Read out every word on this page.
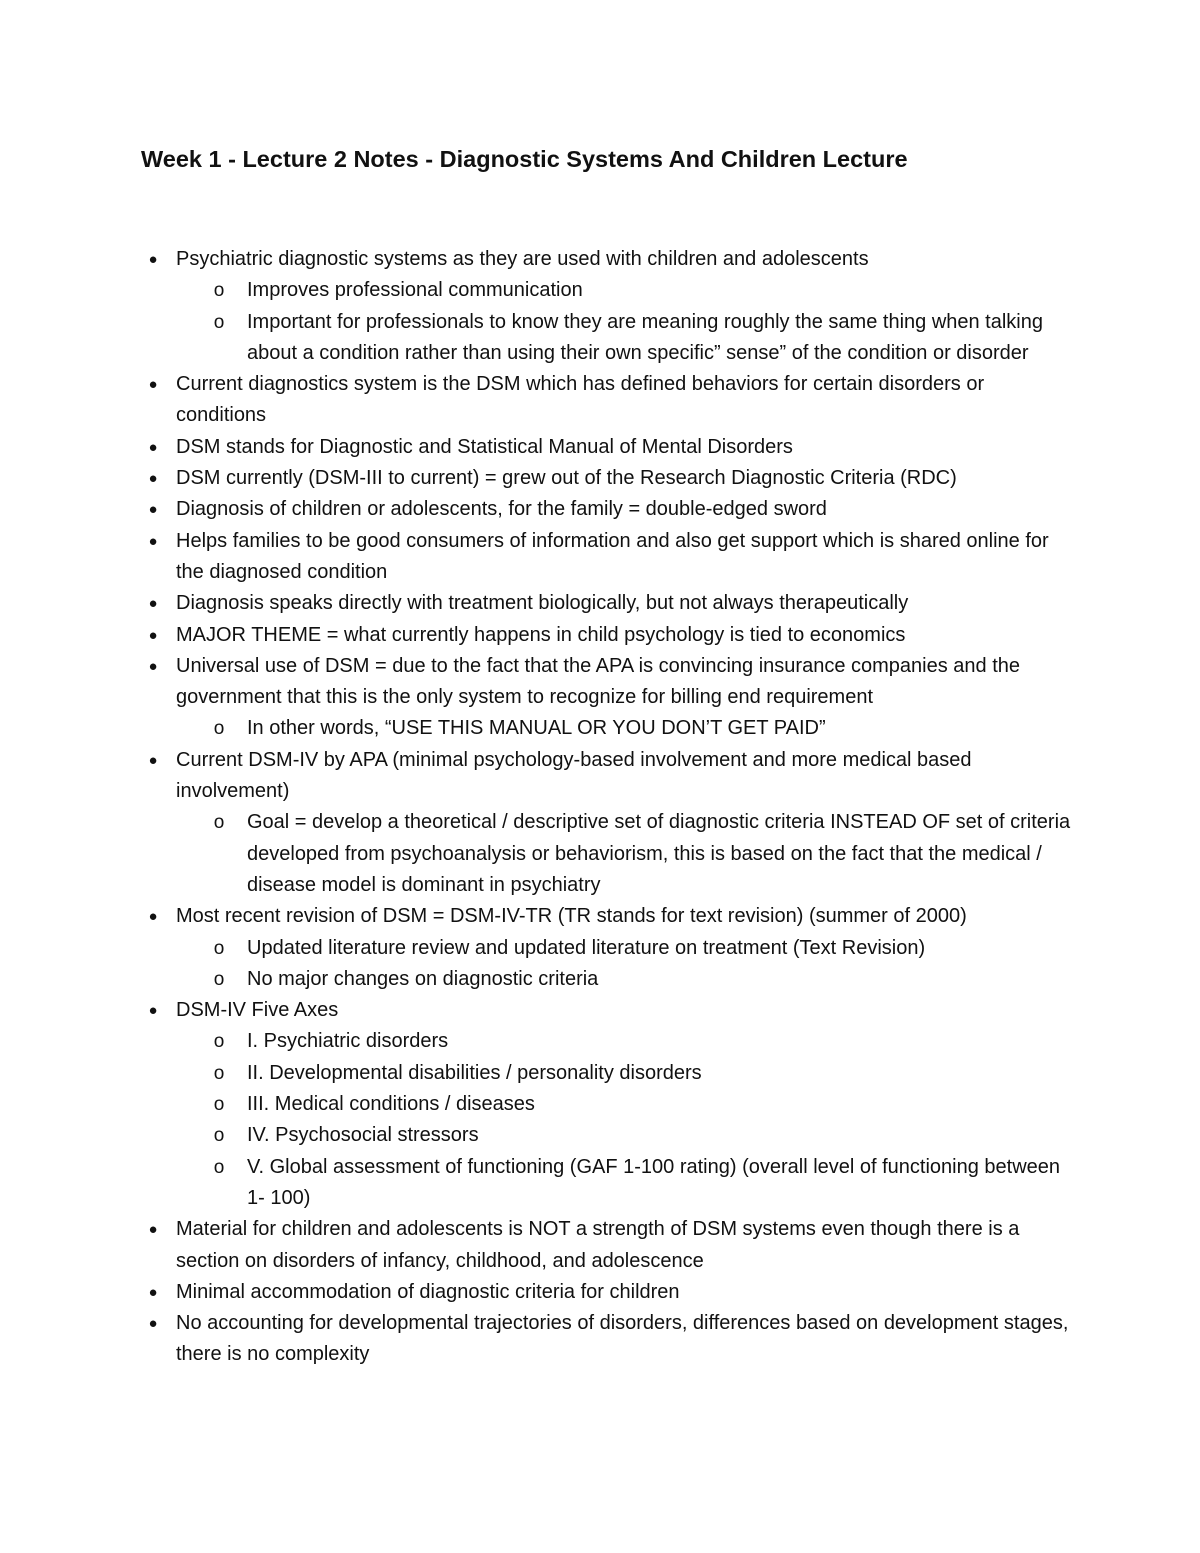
Week 1 - Lecture 2 Notes - Diagnostic Systems And Children Lecture
● Psychiatric diagnostic systems as they are used with children and adolescents
o Improves professional communication
o Important for professionals to know they are meaning roughly the same thing when talking about a condition rather than using their own specific” sense” of the condition or disorder
● Current diagnostics system is the DSM which has defined behaviors for certain disorders or conditions
● DSM stands for Diagnostic and Statistical Manual of Mental Disorders
● DSM currently (DSM-III to current) = grew out of the Research Diagnostic Criteria (RDC)
● Diagnosis of children or adolescents, for the family = double-edged sword
● Helps families to be good consumers of information and also get support which is shared online for the diagnosed condition
● Diagnosis speaks directly with treatment biologically, but not always therapeutically
● MAJOR THEME = what currently happens in child psychology is tied to economics
● Universal use of DSM = due to the fact that the APA is convincing insurance companies and the government that this is the only system to recognize for billing end requirement
o In other words, “USE THIS MANUAL OR YOU DON’T GET PAID”
● Current DSM-IV by APA (minimal psychology-based involvement and more medical based involvement)
o Goal = develop a theoretical / descriptive set of diagnostic criteria INSTEAD OF set of criteria developed from psychoanalysis or behaviorism, this is based on the fact that the medical / disease model is dominant in psychiatry
● Most recent revision of DSM = DSM-IV-TR (TR stands for text revision) (summer of 2000)
o Updated literature review and updated literature on treatment (Text Revision)
o No major changes on diagnostic criteria
● DSM-IV Five Axes
o I. Psychiatric disorders
o II. Developmental disabilities / personality disorders
o III. Medical conditions / diseases
o IV. Psychosocial stressors
o V. Global assessment of functioning (GAF 1-100 rating) (overall level of functioning between 1- 100)
● Material for children and adolescents is NOT a strength of DSM systems even though there is a section on disorders of infancy, childhood, and adolescence
● Minimal accommodation of diagnostic criteria for children
● No accounting for developmental trajectories of disorders, differences based on development stages, there is no complexity
